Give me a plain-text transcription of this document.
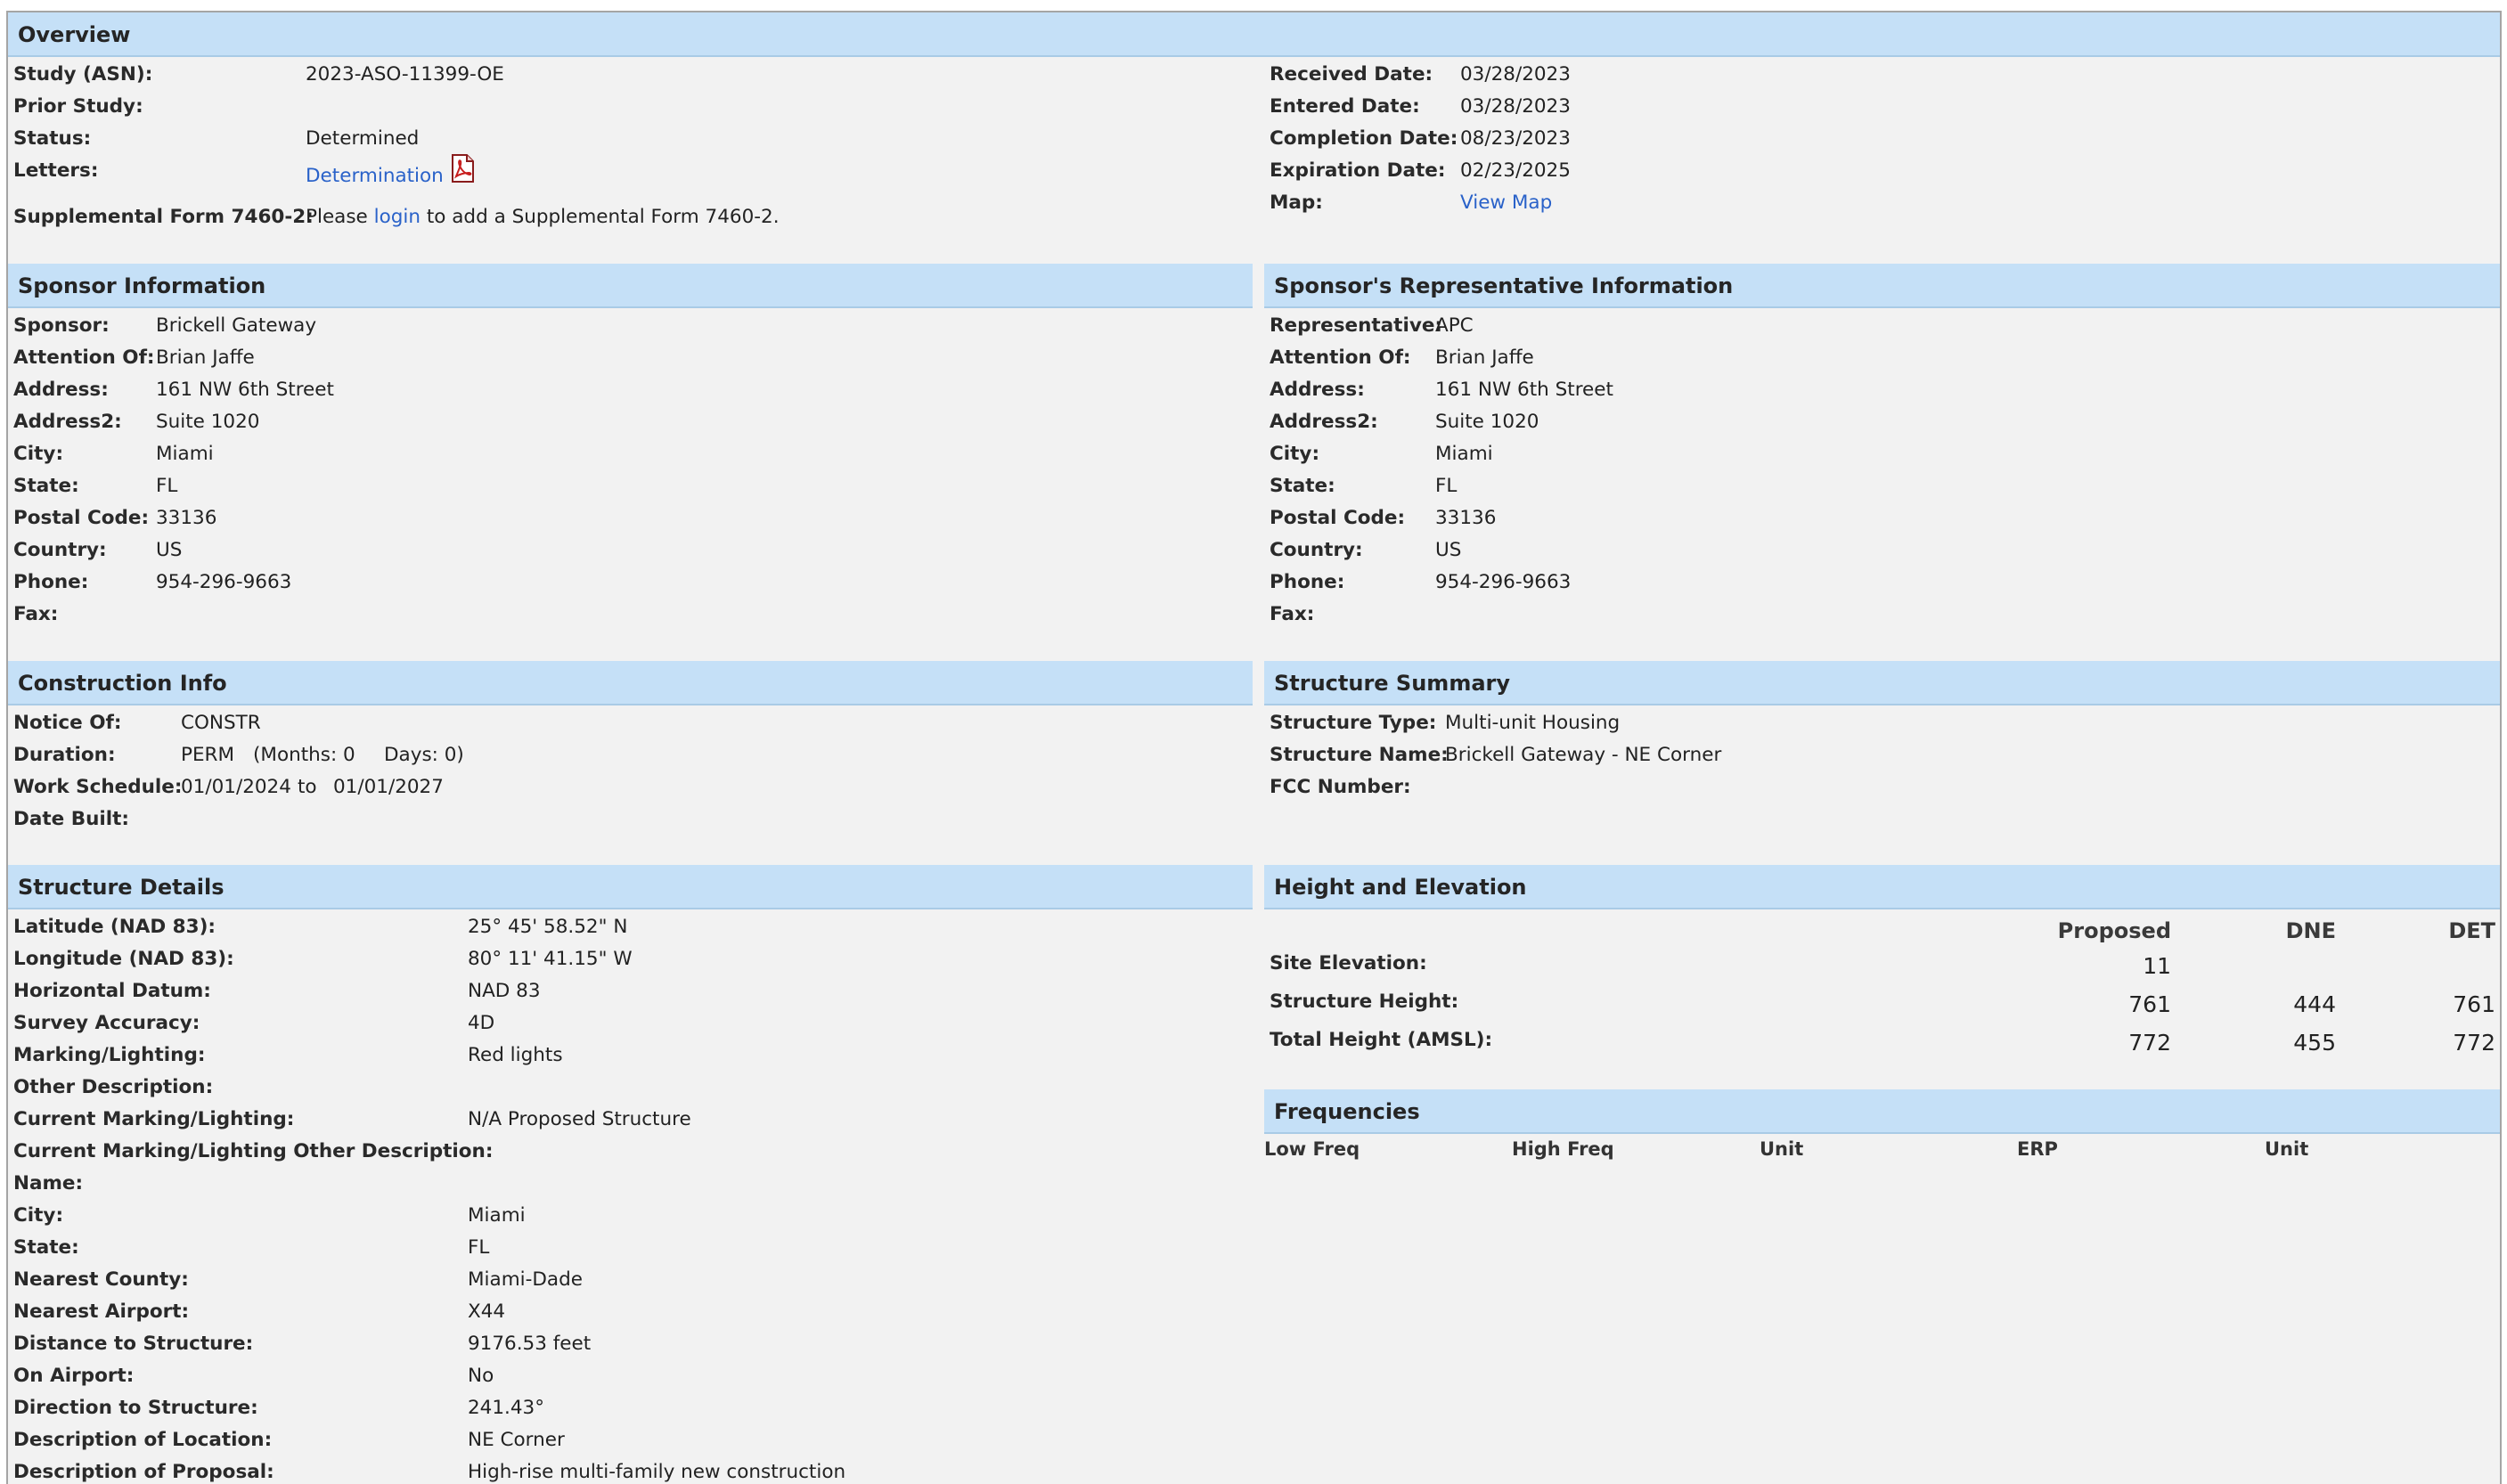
Overview
Study (ASN):	2023-ASO-11399-OE
Prior Study:
Status:	Determined
Letters:	Determination
Supplemental Form 7460-2:
Please login to add a Supplemental Form 7460-2.
Received Date: 03/28/2023
Entered Date: 03/28/2023
Completion Date: 08/23/2023
Expiration Date: 02/23/2025
Map:	View Map
Sponsor Information
Sponsor: Brickell Gateway
Attention Of: Brian Jaffe
Address: 161 NW 6th Street
Address2: Suite 1020
City:	Miami
State:	FL
Postal Code: 33136
Country:	US
Phone:	954-296-9663
Fax:
Sponsor's Representative Information
Representative:
APC
Attention Of: Brian Jaffe
Address:	161 NW 6th Street
Address2:	Suite 1020
City:	Miami
State:	FL
Postal Code: 33136
Country:	US
Phone:	954-296-9663
Fax:
Construction Info
Notice Of:	CONSTR
Duration:	PERM (Months: 0 Days: 0)
Work Schedule:
01/01/2024 to 01/01/2027
Date Built:
Structure Summary
Structure Type: Multi-unit Housing
Structure Name:
Brickell Gateway - NE Corner
FCC Number:
Structure Details
Latitude (NAD 83):	25° 45' 58.52" N
Longitude (NAD 83):	80° 11' 41.15" W
Horizontal Datum:	NAD 83
Survey Accuracy:	4D
Marking/Lighting:	Red lights
Other Description:
Current Marking/Lighting:	N/A Proposed Structure
Current Marking/Lighting Other Description:
Name:
City:	Miami
State:	FL
Nearest County:	Miami-Dade
Nearest Airport:	X44
Distance to Structure:	9176.53 feet
On Airport:	No
Direction to Structure:	241.43°
Description of Location:	NE Corner
Description of Proposal:	High-rise multi-family new construction
Height and Elevation
Proposed	DNE	DET
Site Elevation:	11
Structure Height:	761	444	761
Total Height (AMSL):	772	455	772
Frequencies
Low Freq	High Freq	Unit	ERP	Unit
